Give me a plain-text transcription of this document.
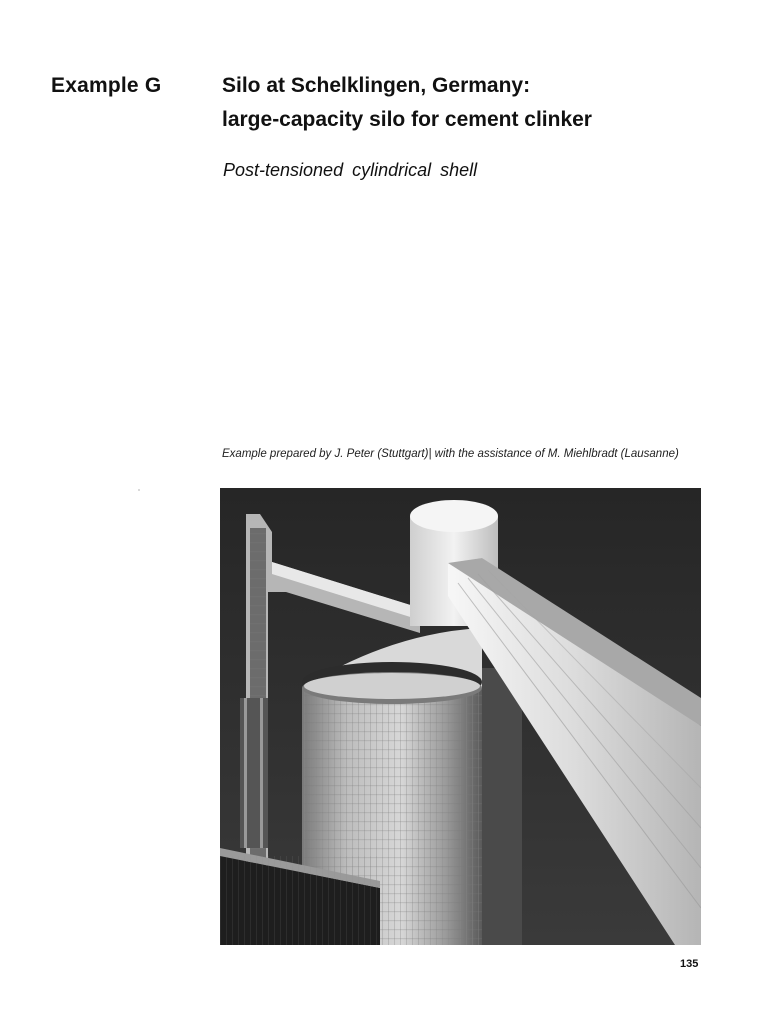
Example G	Silo at Schelklingen, Germany:
large-capacity silo for cement clinker
Post-tensioned cylindrical shell
Example prepared by J. Peter (Stuttgart)| with the assistance of M. Miehlbradt (Lausanne)
135
